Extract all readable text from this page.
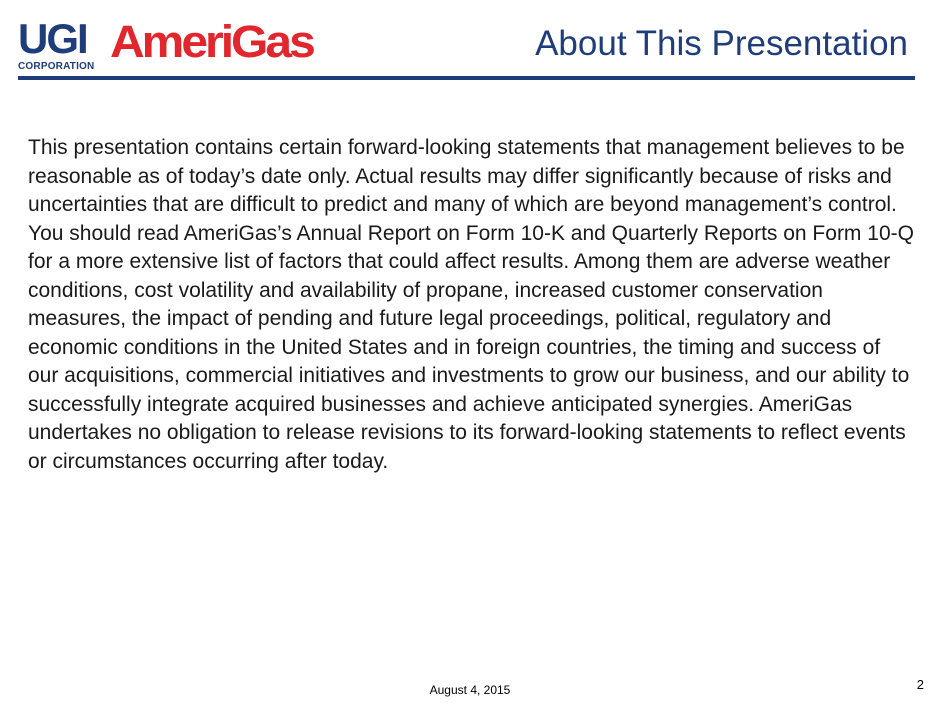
UGI
CORPORATION AmeriGas	About This Presentation
This presentation contains certain forward-looking statements that management believes to be reasonable as of today’s date only. Actual results may differ significantly because of risks and uncertainties that are difficult to predict and many of which are beyond management’s control. You should read AmeriGas’s Annual Report on Form 10-K and Quarterly Reports on Form 10-Q for a more extensive list of factors that could affect results. Among them are adverse weather conditions, cost volatility and availability of propane, increased customer conservation measures, the impact of pending and future legal proceedings, political, regulatory and economic conditions in the United States and in foreign countries, the timing and success of our acquisitions, commercial initiatives and investments to grow our business, and our ability to successfully integrate acquired businesses and achieve anticipated synergies. AmeriGas undertakes no obligation to release revisions to its forward-looking statements to reflect events or circumstances occurring after today.
August 4, 2015	2
